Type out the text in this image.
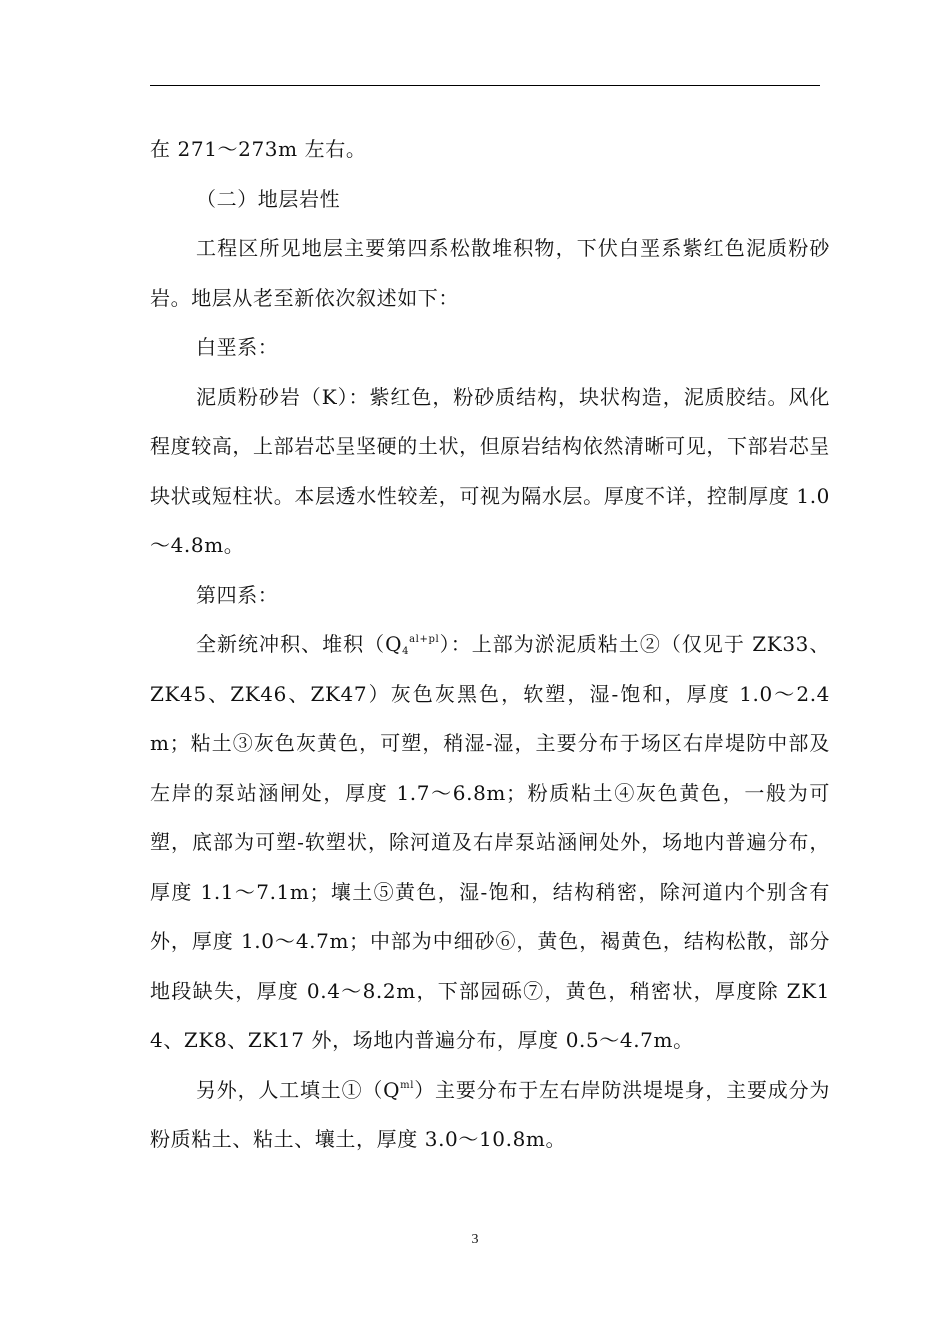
在 271～273m 左右。

（二）地层岩性

工程区所见地层主要第四系松散堆积物，下伏白垩系紫红色泥质粉砂岩。地层从老至新依次叙述如下：

白垩系：

泥质粉砂岩（K）：紫红色，粉砂质结构，块状构造，泥质胶结。风化程度较高，上部岩芯呈坚硬的土状，但原岩结构依然清晰可见，下部岩芯呈块状或短柱状。本层透水性较差，可视为隔水层。厚度不详，控制厚度 1.0～4.8m。

第四系：

全新统冲积、堆积$(Q_4^{al+pl})$：上部为淤泥质粘土②（仅见于 ZK33、ZK45、ZK46、ZK47）灰色灰黑色，软塑，湿-饱和，厚度 1.0～2.4m；粘土③灰色灰黄色，可塑，稍湿-湿，主要分布于场区右岸堤防中部及左岸的泵站涵闸处，厚度 1.7～6.8m；粉质粘土④灰色黄色，一般为可塑，底部为可塑-软塑状，除河道及右岸泵站涵闸处外，场地内普遍分布，厚度 1.1～7.1m；壤土⑤黄色，湿-饱和，结构稍密，除河道内个别含有外，厚度 1.0～4.7m；中部为中细砂⑥，黄色，褐黄色，结构松散，部分地段缺失，厚度 0.4～8.2m，下部园砾⑦，黄色，稍密状，厚度除 ZK14、ZK8、ZK17 外，场地内普遍分布，厚度 0.5～4.7m。

另外，人工填土$①(Q^{ml})$主要分布于左右岸防洪堤堤身，主要成分为粉质粘土、粘土、壤土，厚度 3.0～10.8m。

3
